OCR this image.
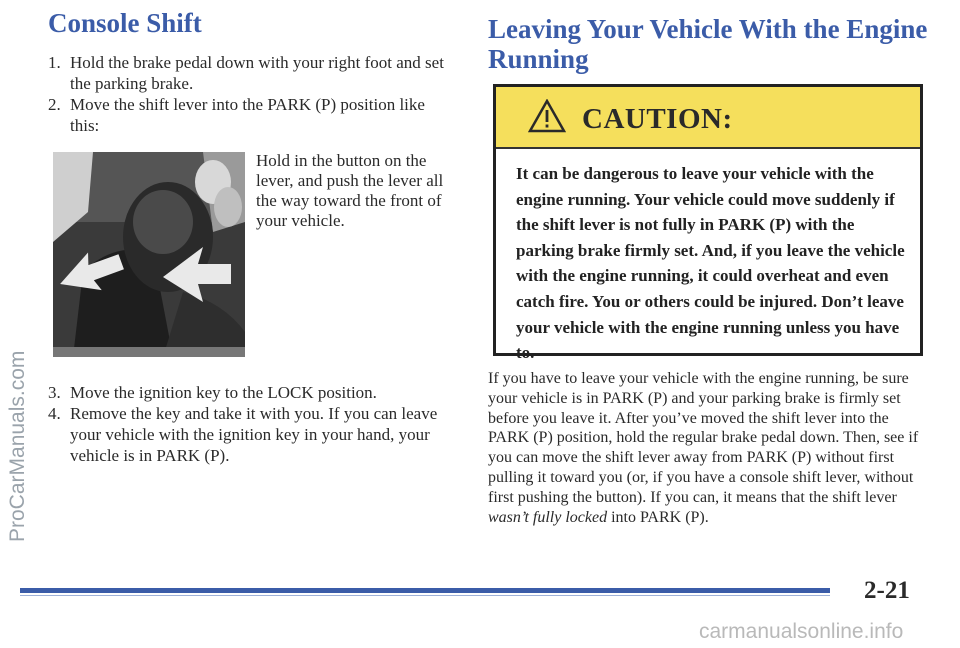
Console Shift
1. Hold the brake pedal down with your right foot and set the parking brake.
2. Move the shift lever into the PARK (P) position like this:
Hold in the button on the lever, and push the lever all the way toward the front of your vehicle.
3. Move the ignition key to the LOCK position.
4. Remove the key and take it with you. If you can leave your vehicle with the ignition key in your hand, your vehicle is in PARK (P).
Leaving Your Vehicle With the Engine Running
CAUTION:
It can be dangerous to leave your vehicle with the engine running. Your vehicle could move suddenly if the shift lever is not fully in PARK (P) with the parking brake firmly set. And, if you leave the vehicle with the engine running, it could overheat and even catch fire. You or others could be injured. Don’t leave your vehicle with the engine running unless you have to.
If you have to leave your vehicle with the engine running, be sure your vehicle is in PARK (P) and your parking brake is firmly set before you leave it. After you’ve moved the shift lever into the PARK (P) position, hold the regular brake pedal down. Then, see if you can move the shift lever away from PARK (P) without first pulling it toward you (or, if you have a console shift lever, without first pushing the button). If you can, it means that the shift lever wasn’t fully locked into PARK (P).
2-21
ProCarManuals.com
carmanualsonline.info
